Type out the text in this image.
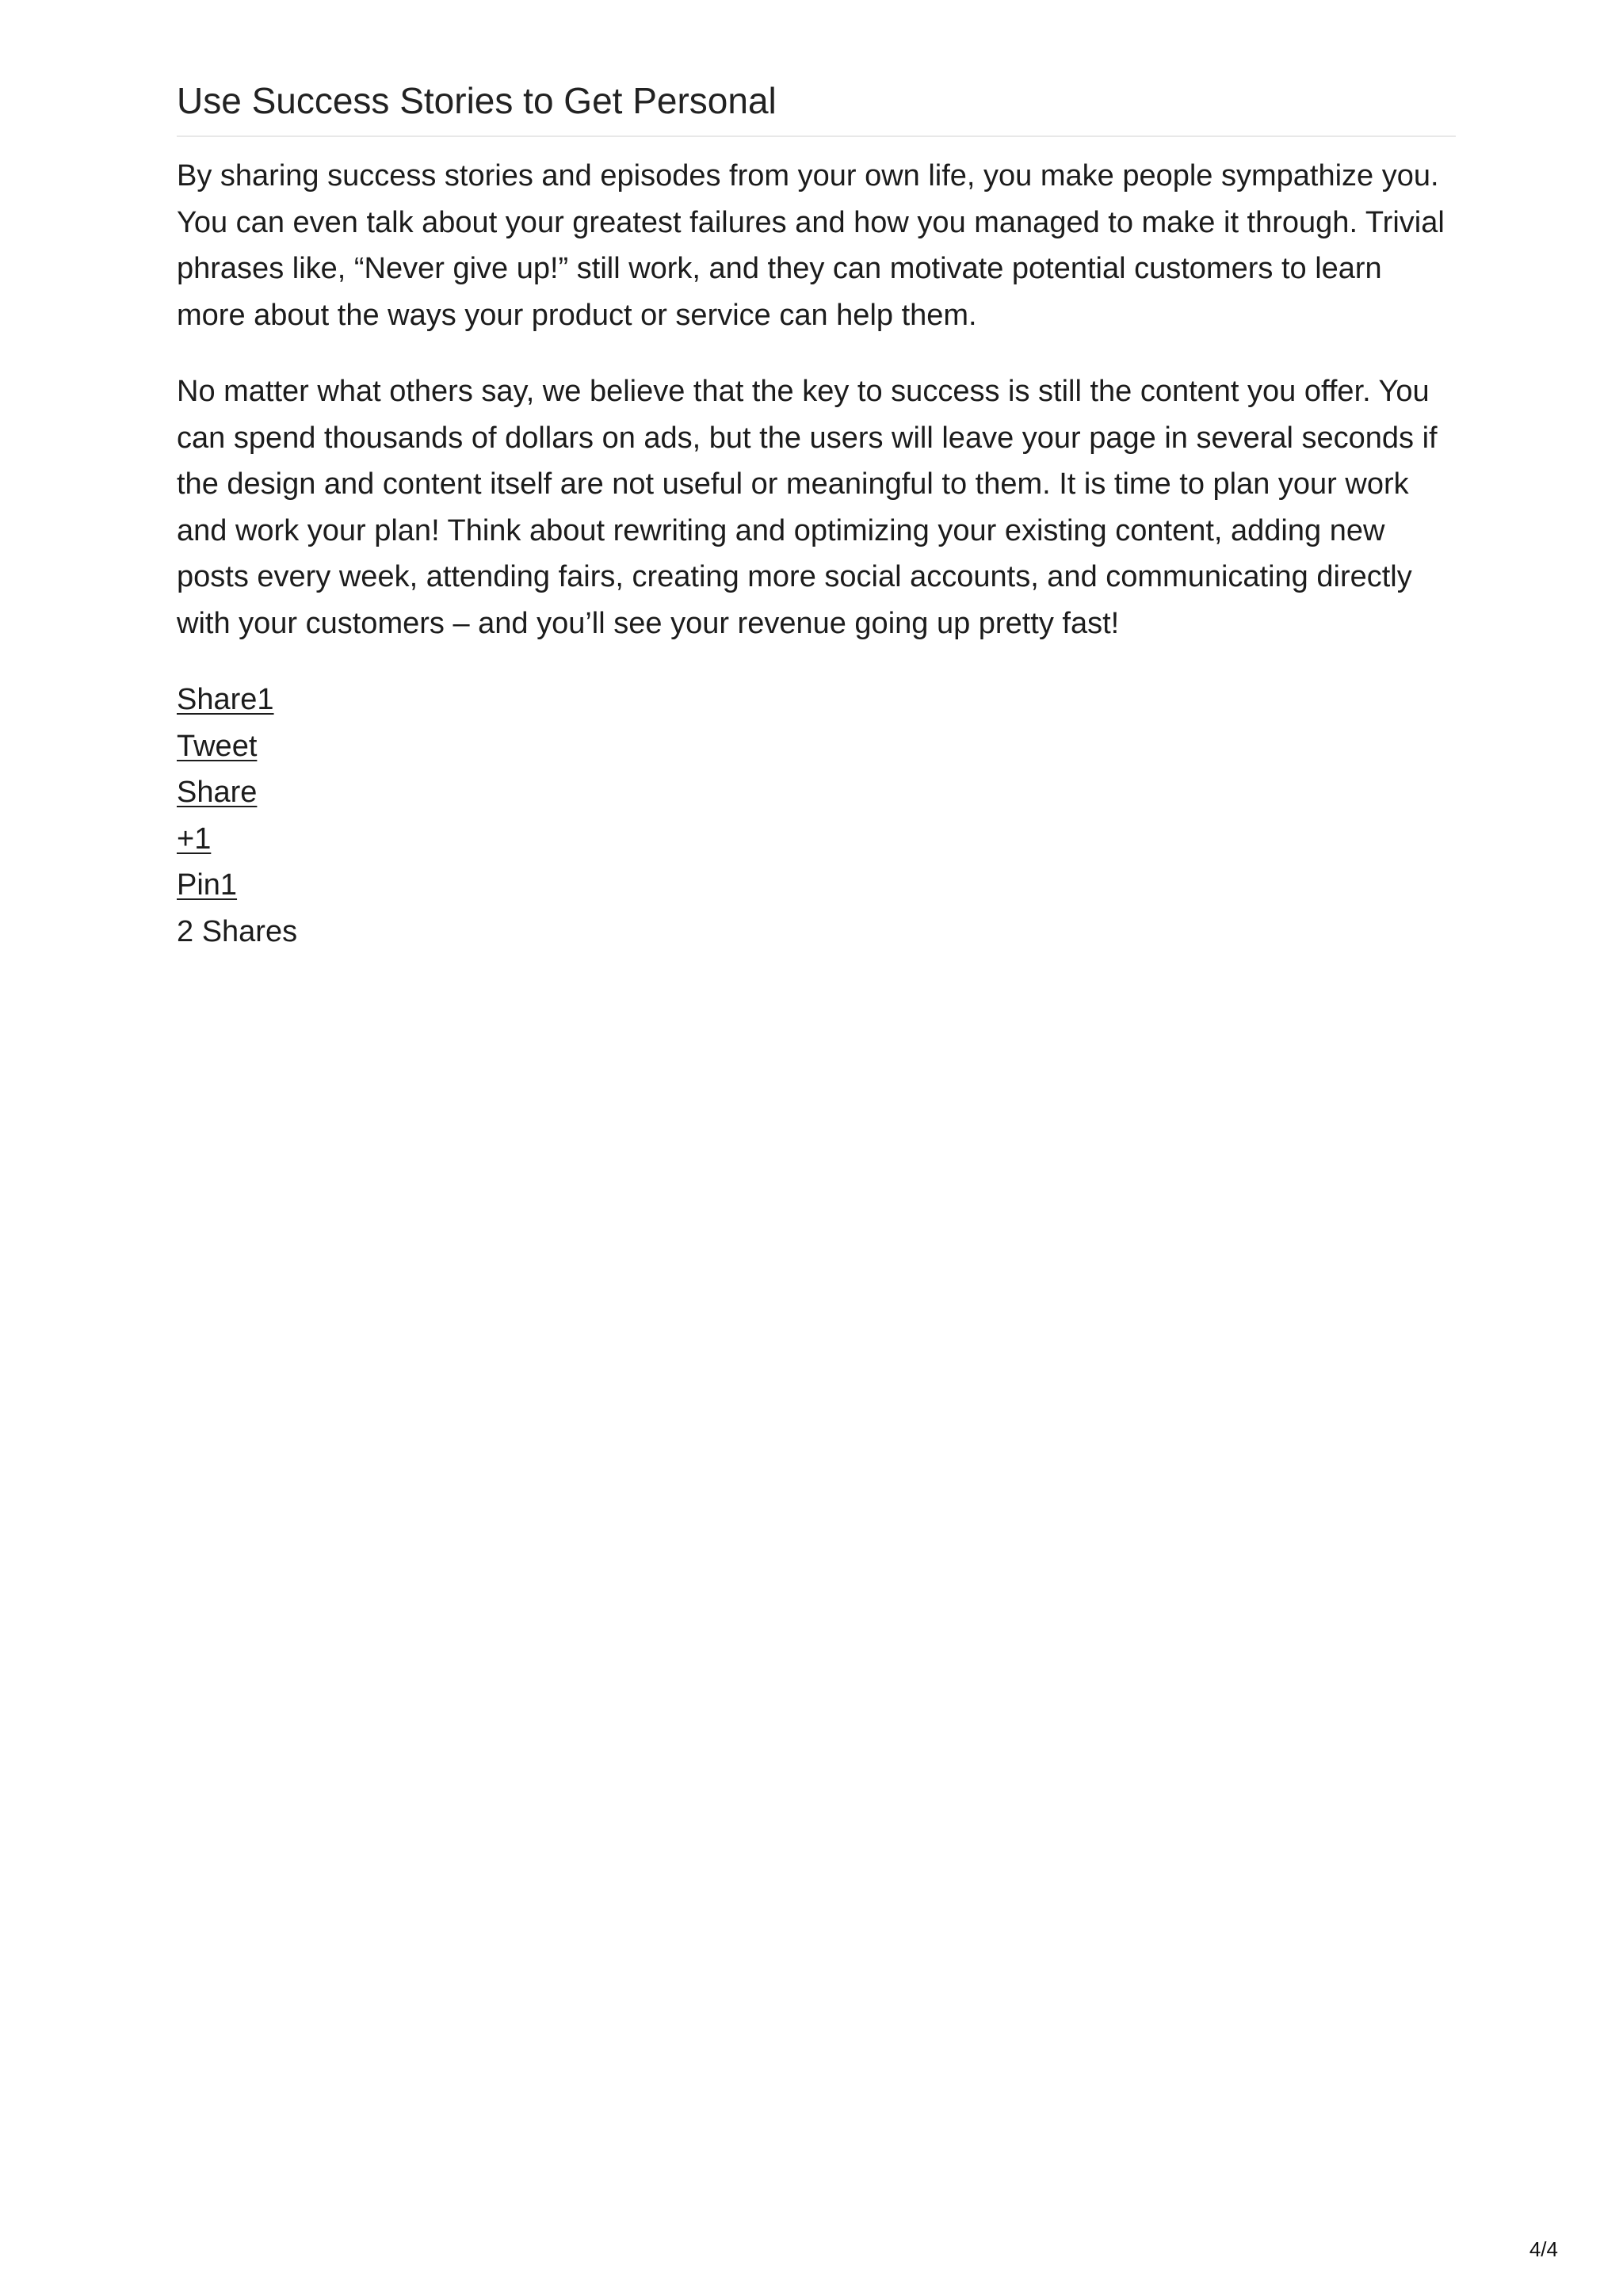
Use Success Stories to Get Personal

By sharing success stories and episodes from your own life, you make people sympathize you. You can even talk about your greatest failures and how you managed to make it through. Trivial phrases like, “Never give up!” still work, and they can motivate potential customers to learn more about the ways your product or service can help them.

No matter what others say, we believe that the key to success is still the content you offer. You can spend thousands of dollars on ads, but the users will leave your page in several seconds if the design and content itself are not useful or meaningful to them. It is time to plan your work and work your plan! Think about rewriting and optimizing your existing content, adding new posts every week, attending fairs, creating more social accounts, and communicating directly with your customers – and you’ll see your revenue going up pretty fast!

Share1
Tweet
Share
+1
Pin1
2 Shares
4/4
